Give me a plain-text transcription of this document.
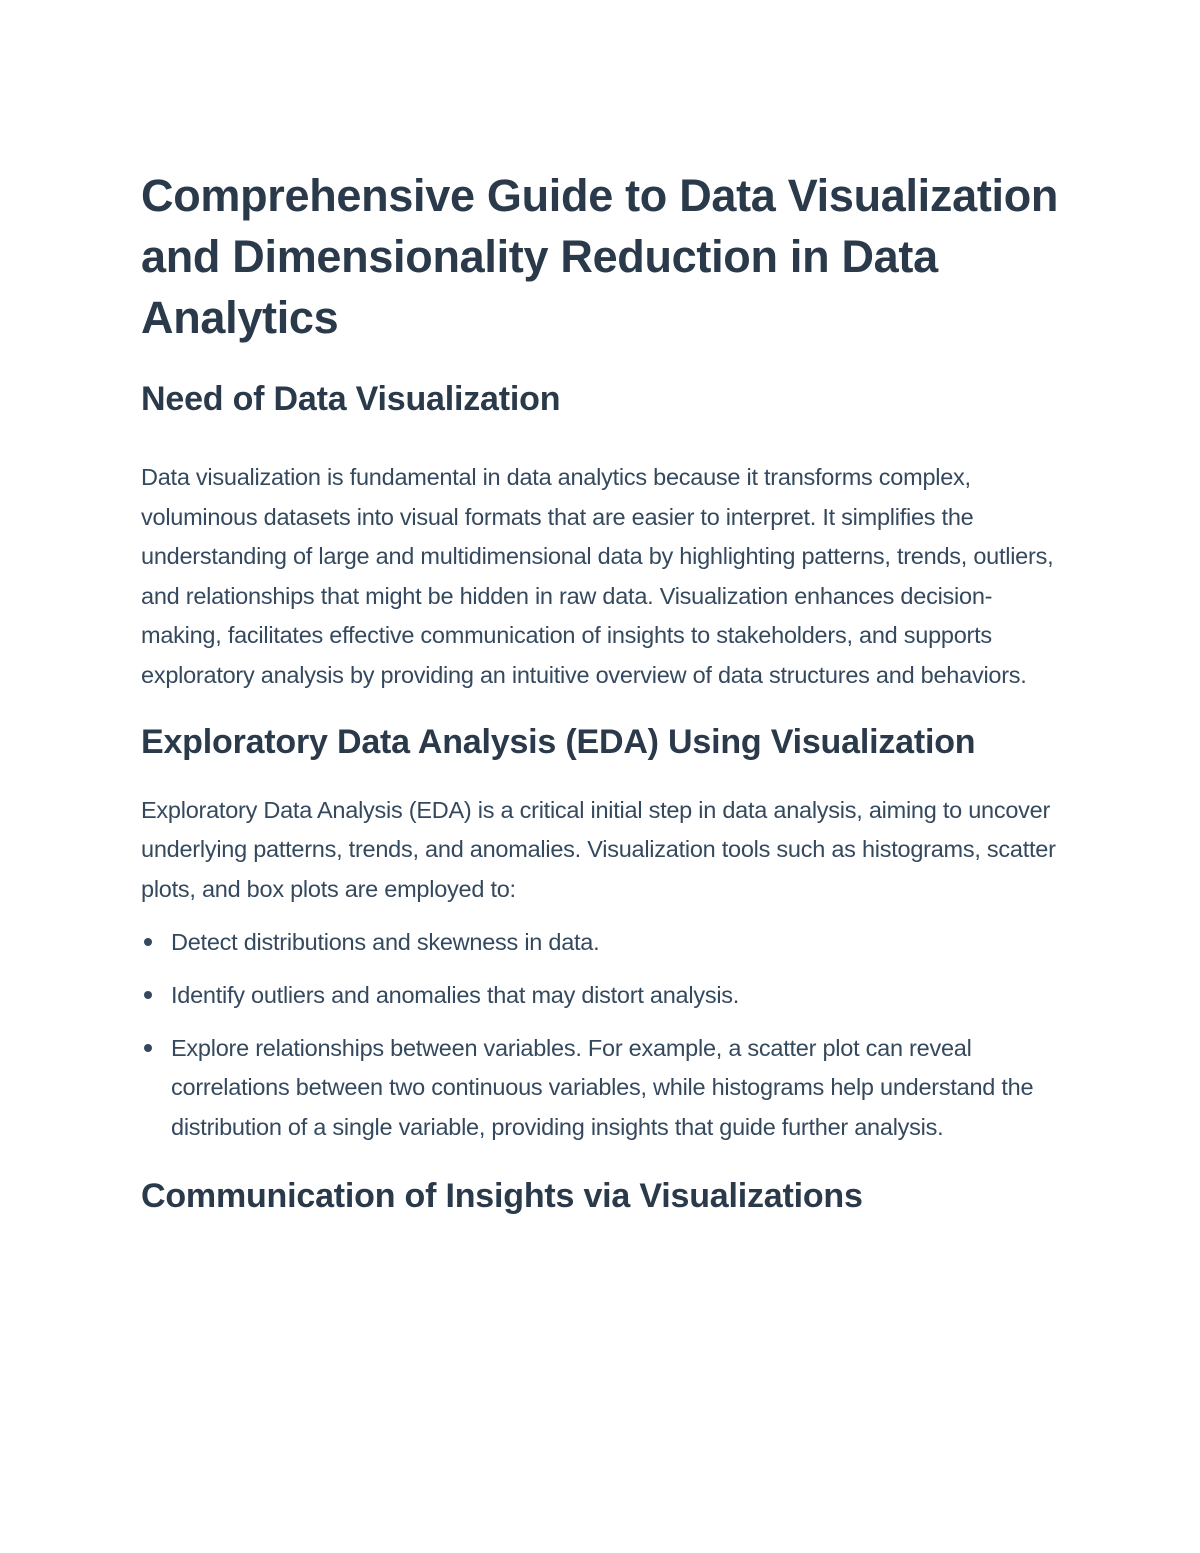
Comprehensive Guide to Data Visualization and Dimensionality Reduction in Data Analytics
Need of Data Visualization

Data visualization is fundamental in data analytics because it transforms complex, voluminous datasets into visual formats that are easier to interpret. It simplifies the understanding of large and multidimensional data by highlighting patterns, trends, outliers, and relationships that might be hidden in raw data. Visualization enhances decision-making, facilitates effective communication of insights to stakeholders, and supports exploratory analysis by providing an intuitive overview of data structures and behaviors.

Exploratory Data Analysis (EDA) Using Visualization

Exploratory Data Analysis (EDA) is a critical initial step in data analysis, aiming to uncover underlying patterns, trends, and anomalies. Visualization tools such as histograms, scatter plots, and box plots are employed to:

Detect distributions and skewness in data.
Identify outliers and anomalies that may distort analysis.
Explore relationships between variables. For example, a scatter plot can reveal correlations between two continuous variables, while histograms help understand the distribution of a single variable, providing insights that guide further analysis.
Communication of Insights via Visualizations
